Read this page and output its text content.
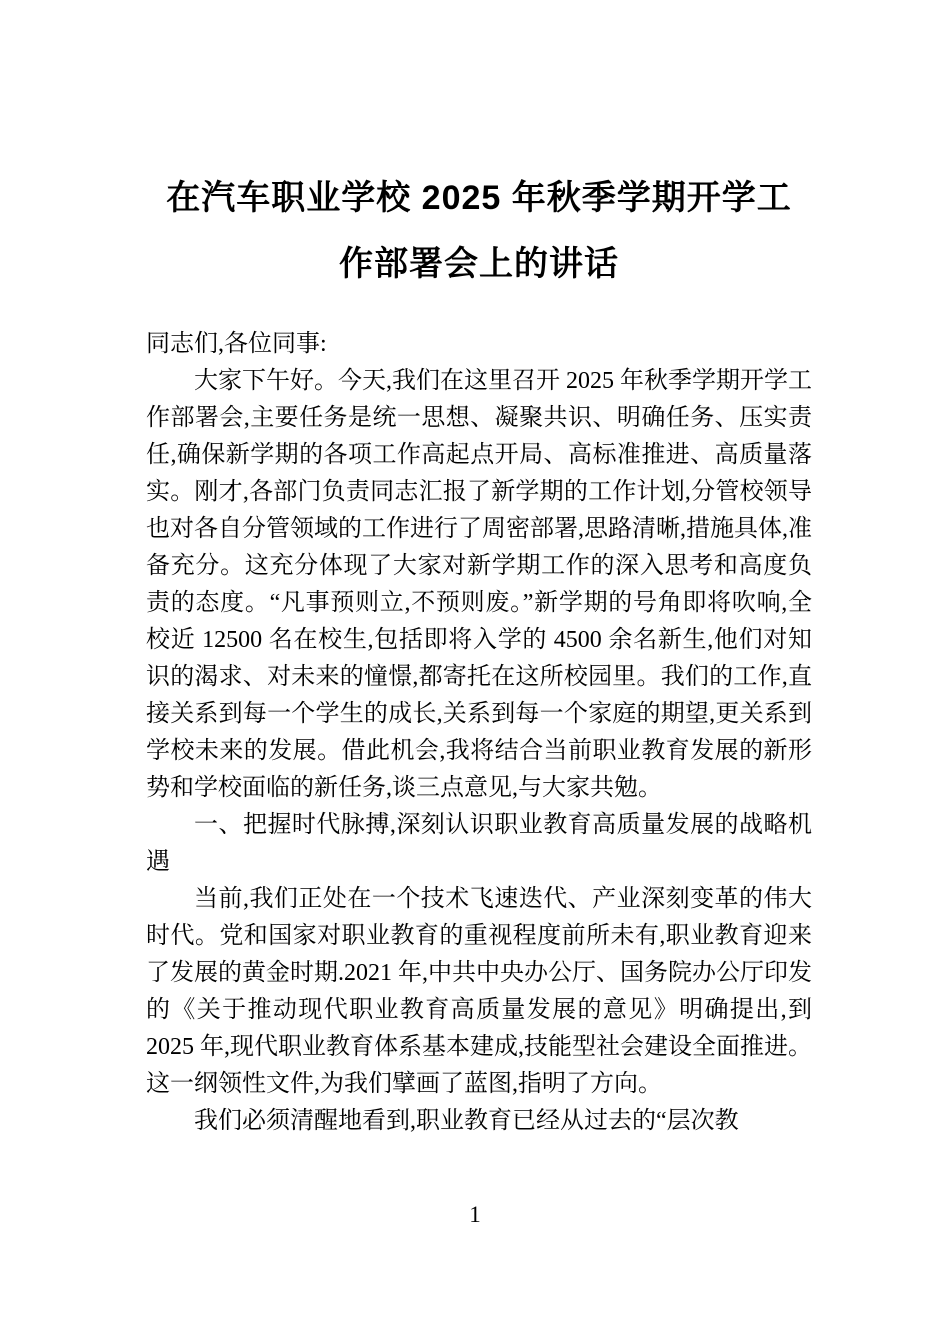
在汽车职业学校 2025 年秋季学期开学工作部署会上的讲话

同志们,各位同事:

大家下午好。今天,我们在这里召开 2025 年秋季学期开学工作部署会,主要任务是统一思想、凝聚共识、明确任务、压实责任,确保新学期的各项工作高起点开局、高标准推进、高质量落实。刚才,各部门负责同志汇报了新学期的工作计划,分管校领导也对各自分管领域的工作进行了周密部署,思路清晰,措施具体,准备充分。这充分体现了大家对新学期工作的深入思考和高度负责的态度。“凡事预则立,不预则废。”新学期的号角即将吹响,全校近 12500 名在校生,包括即将入学的 4500 余名新生,他们对知识的渴求、对未来的憧憬,都寄托在这所校园里。我们的工作,直接关系到每一个学生的成长,关系到每一个家庭的期望,更关系到学校未来的发展。借此机会,我将结合当前职业教育发展的新形势和学校面临的新任务,谈三点意见,与大家共勉。

一、把握时代脉搏,深刻认识职业教育高质量发展的战略机遇

当前,我们正处在一个技术飞速迭代、产业深刻变革的伟大时代。党和国家对职业教育的重视程度前所未有,职业教育迎来了发展的黄金时期.2021 年,中共中央办公厅、国务院办公厅印发的《关于推动现代职业教育高质量发展的意见》明确提出,到 2025 年,现代职业教育体系基本建成,技能型社会建设全面推进。这一纲领性文件,为我们擘画了蓝图,指明了方向。

我们必须清醒地看到,职业教育已经从过去的“层次教

1
